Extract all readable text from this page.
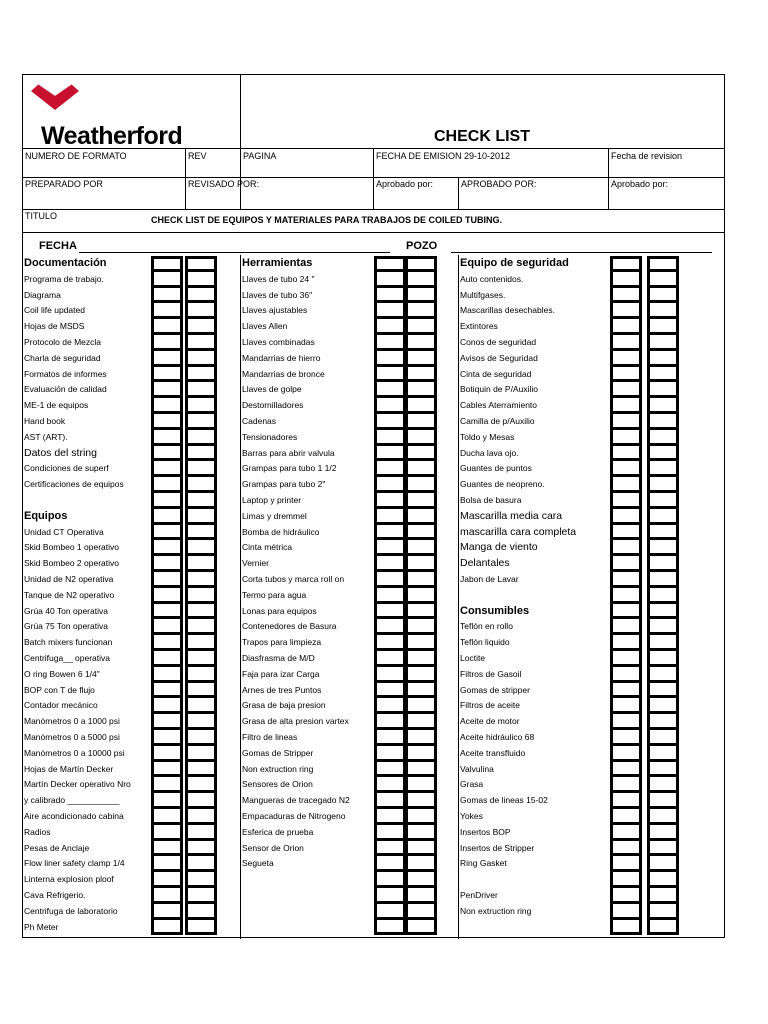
Weatherford	CHECK LIST
NUMERO DE FORMATO	REV	PAGINA	FECHA DE EMISION 29-10-2012	Fecha de revision
PREPARADO POR	REVISADO POR:	Aprobado por:	APROBADO POR:	Aprobado por:
TITULO	CHECK LIST DE EQUIPOS Y MATERIALES PARA TRABAJOS DE COILED TUBING.
FECHA	POZO
Documentación
Programa de trabajo.
Diagrama
Coil life updated
Hojas de MSDS
Protocolo de Mezcla
Charla de seguridad
Formatos de informes
Evaluación de calidad
ME-1 de equipos
Hand book
AST (ART).
Datos del string
Condiciones de superf
Certificaciones de equipos
Equipos
Unidad CT Operativa
Skid Bombeo 1 operativo
Skid Bombeo 2 operativo
Unidad de N2 operativa
Tanque de N2 operativo
Grúa 40 Ton operativa
Grúa 75 Ton operativa
Batch mixers funcionan
Centrifuga__ operativa
O ring Bowen 6 1/4"
BOP con T de flujo
Contador mecánico
Manómetros 0 a 1000 psi
Manómetros 0 a 5000 psi
Manómetros 0 a 10000 psi
Hojas de Martín Decker
Martín Decker operativo Nro
y calibrado ___________
Aire acondicionado cabina
Radios
Pesas de Anclaje
Flow liner safety clamp 1/4
Linterna explosion ploof
Cava Refrigerio.
Centrifuga de laboratorio
Ph Meter
Herramientas
Llaves de tubo 24 "
Llaves de tubo 36"
Llaves ajustables
Llaves Allen
Llaves combinadas
Mandarrias de hierro
Mandarrias de bronce
Llaves de golpe
Destornilladores
Cadenas
Tensionadores
Barras para abrir valvula
Grampas para tubo 1 1/2
Grampas para tubo 2"
Laptop y printer
Limas y dremmel
Bomba de hidráulico
Cinta métrica
Vernier
Corta tubos y marca roll on
Termo para agua
Lonas para equipos
Contenedores de Basura
Trapos para limpieza
Diasfrasma de M/D
Faja para izar Carga
Arnes de tres Puntos
Grasa de baja presion
Grasa de alta presion vartex
Filtro de lineas
Gomas de Stripper
Non extruction ring
Sensores de Orion
Mangueras de tracegado N2
Empacaduras de Nitrogeno
Esferica de prueba
Sensor de Orion
Segueta
Equipo de seguridad
Auto contenidos.
Multifgases.
Mascarillas desechables.
Extintores
Conos de seguridad
Avisos de Seguridad
Cinta de seguridad
Botiquin de P/Auxilio
Cables Aterramiento
Camilla de p/Auxilio
Toldo y Mesas
Ducha lava ojo.
Guantes de puntos
Guantes de neopreno.
Bolsa de basura
Mascarilla media cara
mascarilla cara completa
Manga de viento
Delantales
Jabon de Lavar
Consumibles
Teflón en rollo
Teflón liquido
Loctite
Filtros de Gasoil
Gomas de stripper
Filtros de aceite
Aceite de motor
Aceite hidráulico 68
Aceite transfluido
Valvulina
Grasa
Gomas de lineas 15-02
Yokes
Insertos BOP
Insertos de Stripper
Ring Gasket
PenDriver
Non extruction ring
